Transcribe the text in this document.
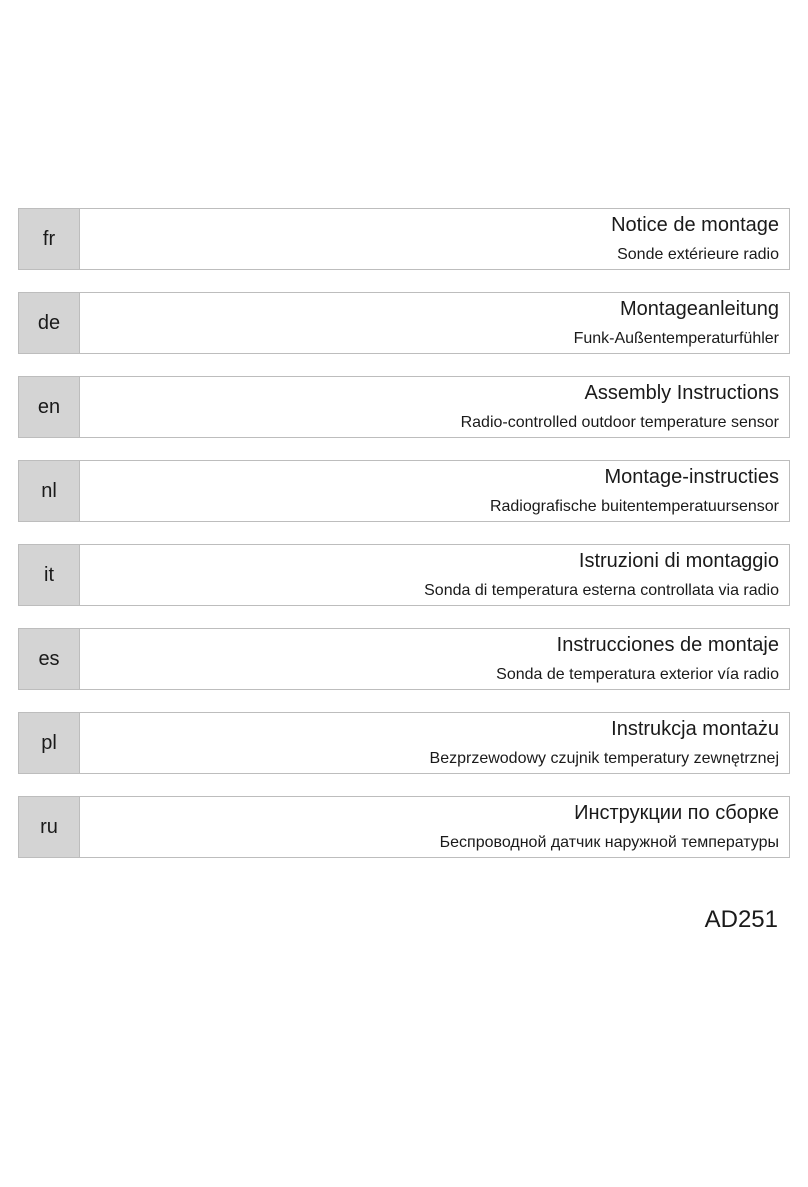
fr
Notice de montage
Sonde extérieure radio
de
Montageanleitung
Funk-Außentemperaturfühler
en
Assembly Instructions
Radio-controlled outdoor temperature sensor
nl
Montage-instructies
Radiografische buitentemperatuursensor
it
Istruzioni di montaggio
Sonda di temperatura esterna controllata via radio
es
Instrucciones de montaje
Sonda de temperatura exterior vía radio
pl
Instrukcja montażu
Bezprzewodowy czujnik temperatury zewnętrznej
ru
Инструкции по сборке
Беспроводной датчик наружной температуры
AD251
